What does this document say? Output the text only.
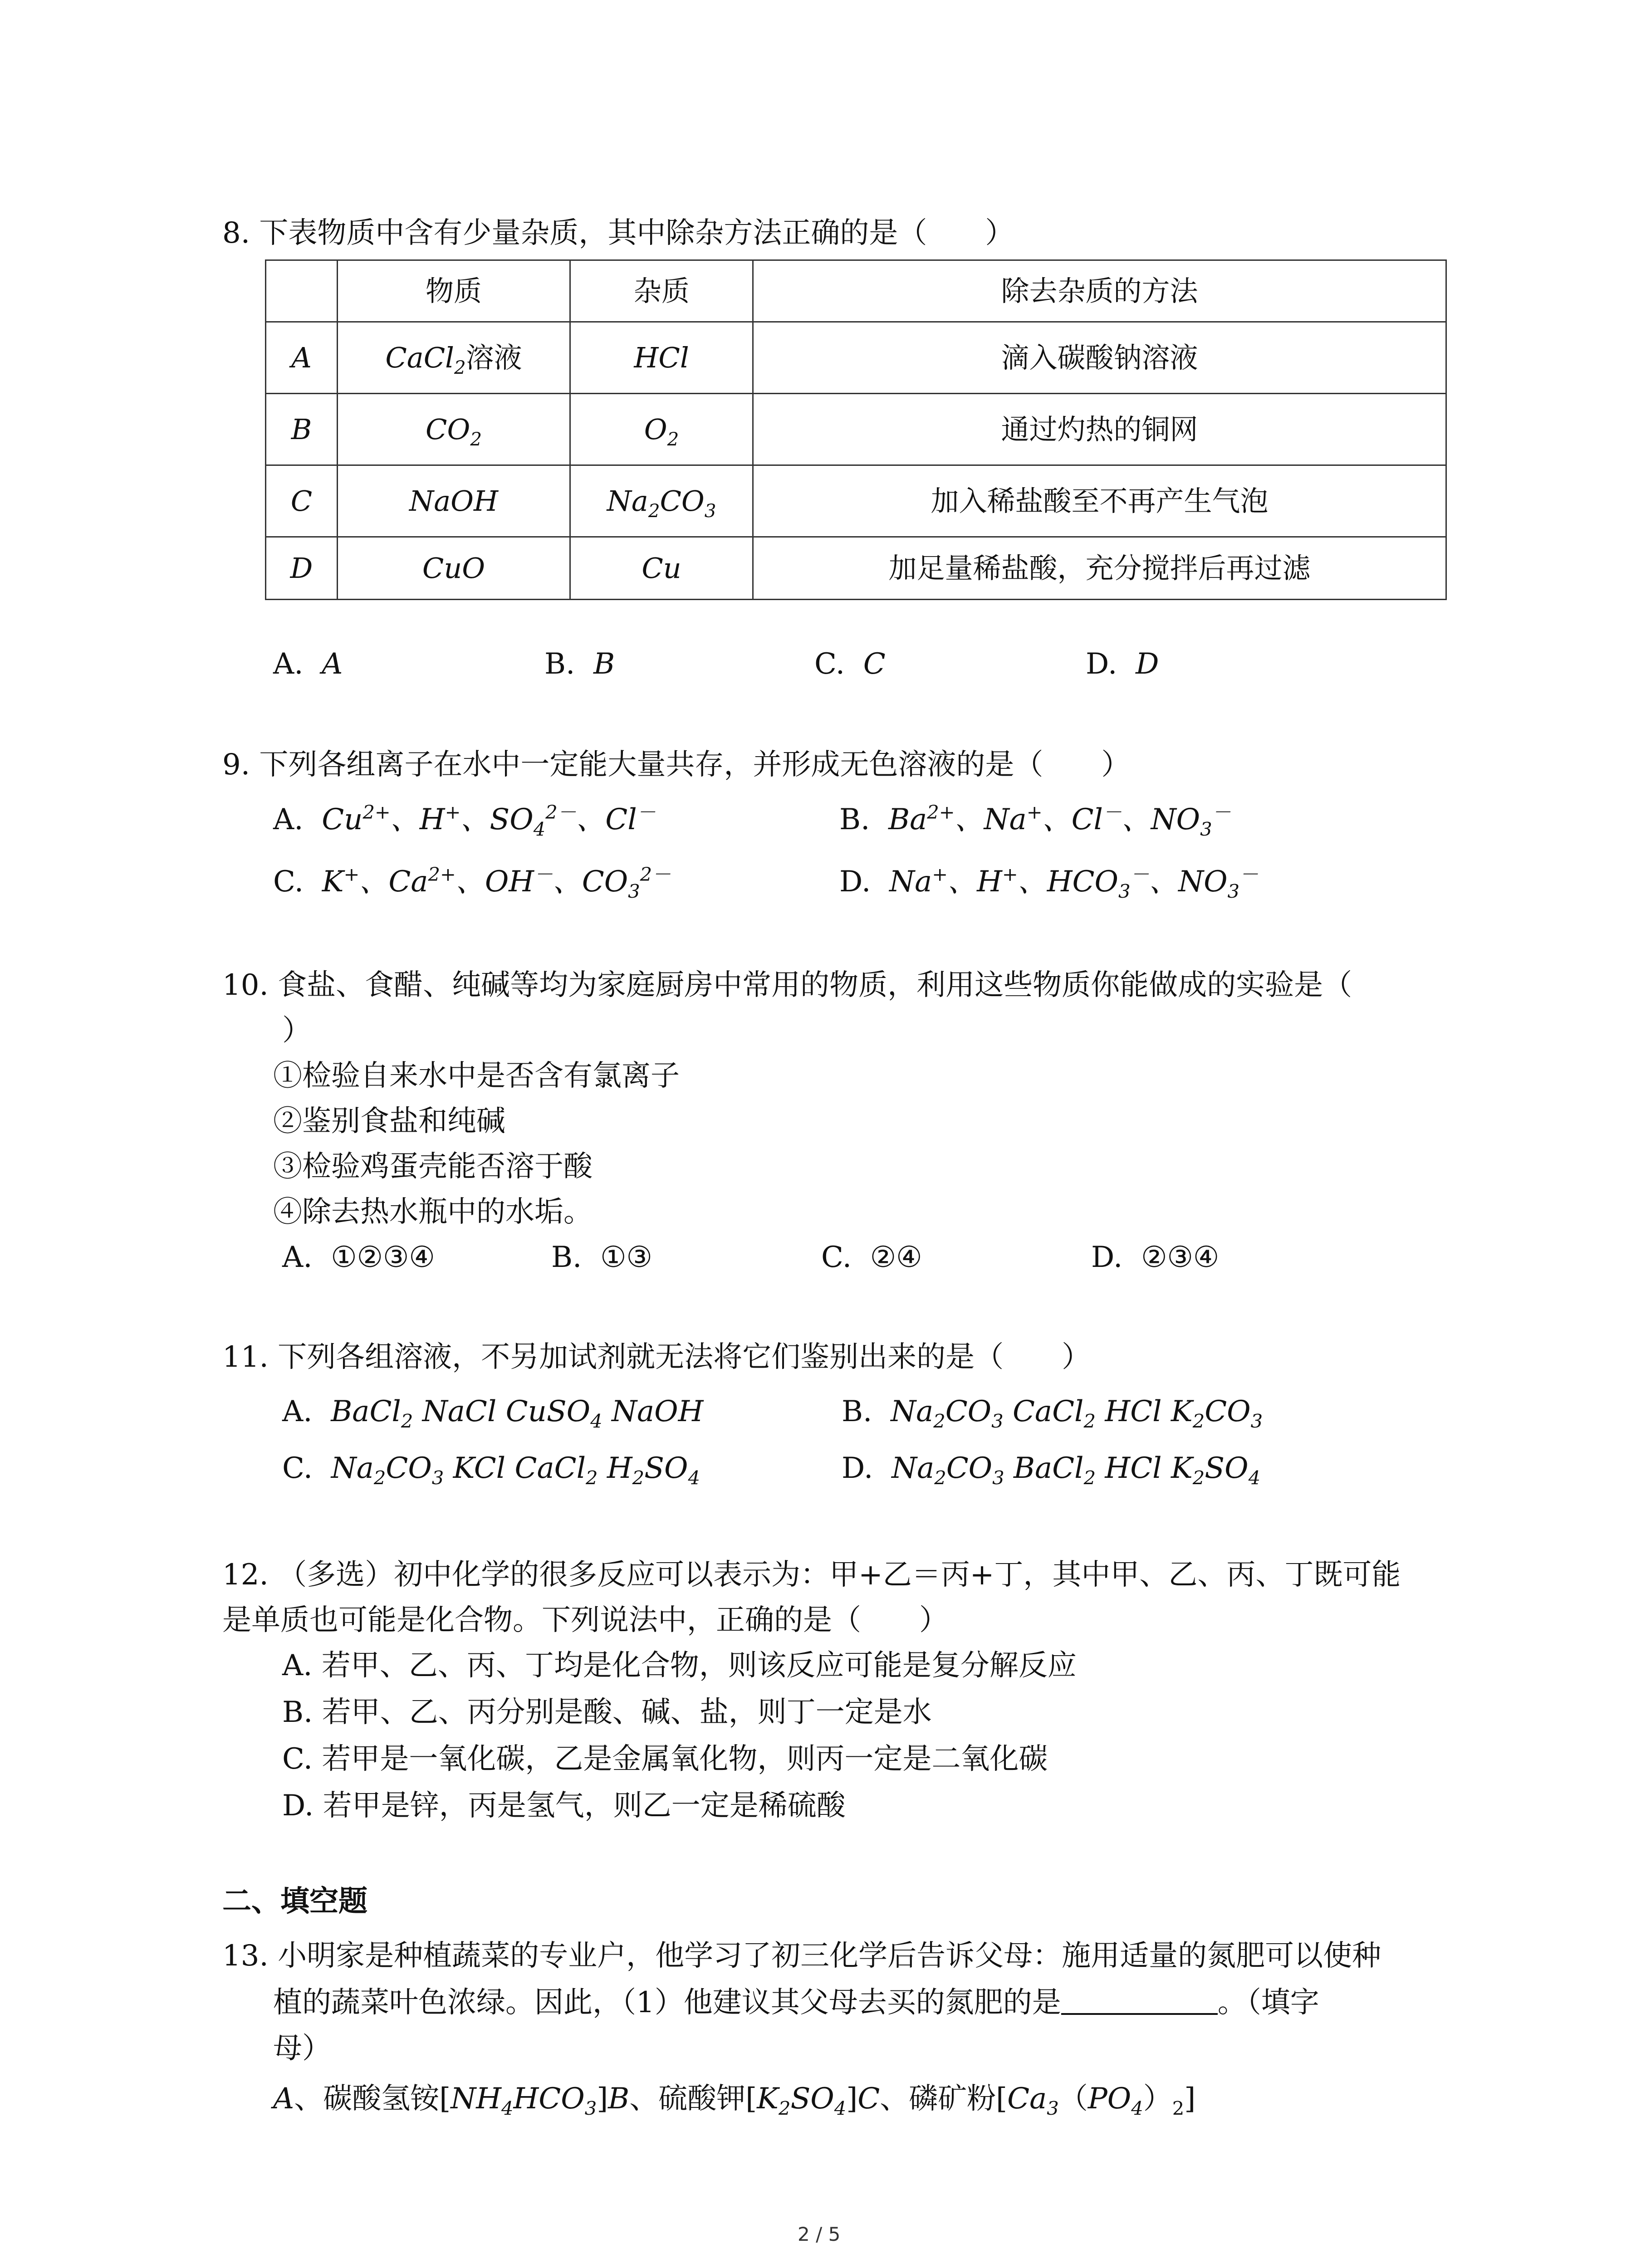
8. 下表物质中含有少量杂质，其中除杂方法正确的是（　　）
	物质	杂质	除去杂质的方法
A	CaCl$_2$溶液	HCl	滴入碳酸钠溶液
B	$CO_2$	$O_2$	通过灼热的铜网
C	NaOH	$Na_2CO_3$	加入稀盐酸至不再产生气泡
D	CuO	Cu	加足量稀盐酸，充分搅拌后再过滤
A.  A	B.  B	C.  C	D.  D
9. 下列各组离子在水中一定能大量共存，并形成无色溶液的是（　　）
A.  $Cu^{2+}$、H+、$SO_4^{2-}$、Cl－	B.  $Ba^{2+}$、Na+、Cl－、$NO_3^-$
C.  K+、$Ca^{2+}$、OH－、$CO_3^{2-}$	D.  Na+、H+、$HCO_3^-$、$NO_3^-$
10. 食盐、食醋、纯碱等均为家庭厨房中常用的物质，利用这些物质你能做成的实验是（
）
①检验自来水中是否含有氯离子
②鉴别食盐和纯碱
③检验鸡蛋壳能否溶于酸
④除去热水瓶中的水垢。
A.  ①②③④	B.  ①③	C.  ②④	D.  ②③④
11. 下列各组溶液，不另加试剂就无法将它们鉴别出来的是（　　）
A.  BaCl$_2$ NaCl CuSO$_4$ NaOH	B.  $Na_2CO_3$ CaCl$_2$ HCl $K_2CO_3$
C.  $Na_2CO_3$ KCl CaCl$_2$ $H_2SO_4$	D.  $Na_2CO_3$ BaCl$_2$ HCl $K_2SO_4$
12. （多选）初中化学的很多反应可以表示为：甲+乙＝丙+丁，其中甲、乙、丙、丁既可能
是单质也可能是化合物。下列说法中，正确的是（　　）
A. 若甲、乙、丙、丁均是化合物，则该反应可能是复分解反应
B. 若甲、乙、丙分别是酸、碱、盐，则丁一定是水
C. 若甲是一氧化碳，乙是金属氧化物，则丙一定是二氧化碳
D. 若甲是锌，丙是氢气，则乙一定是稀硫酸
二、填空题
13. 小明家是种植蔬菜的专业户，他学习了初三化学后告诉父母：施用适量的氮肥可以使种
植的蔬菜叶色浓绿。因此，（1）他建议其父母去买的氮肥的是	。（填字
母）
A、碳酸氢铵$[NH_4HCO_3]B$、硫酸钾$[K_2SO_4]C$、磷矿粉$[Ca_3(PO_4)_2]$
2 / 5
